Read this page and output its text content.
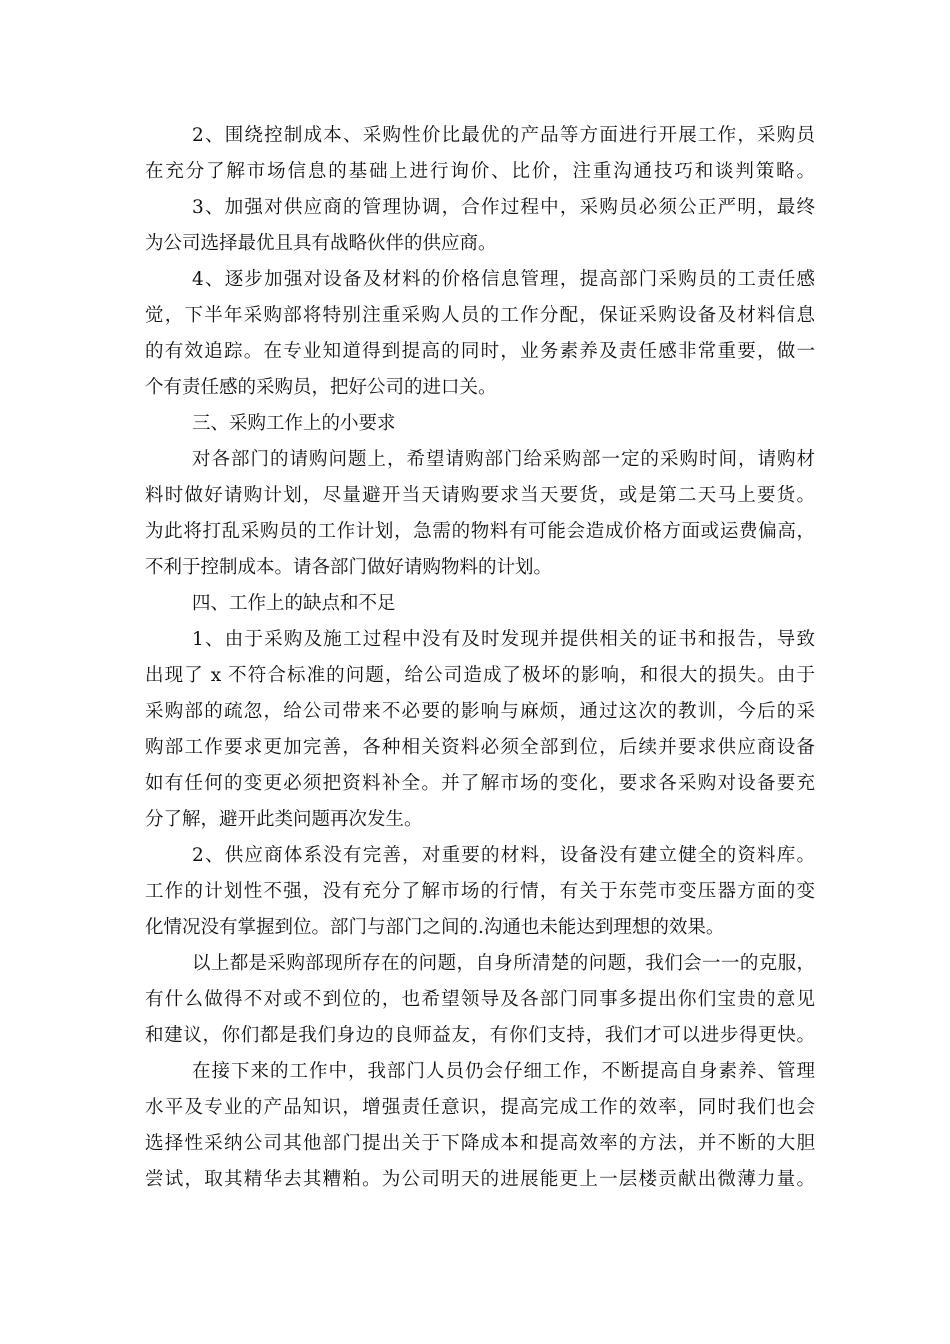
2、围绕控制成本、采购性价比最优的产品等方面进行开展工作，采购员
在充分了解市场信息的基础上进行询价、比价，注重沟通技巧和谈判策略。
3、加强对供应商的管理协调，合作过程中，采购员必须公正严明，最终
为公司选择最优且具有战略伙伴的供应商。
4、逐步加强对设备及材料的价格信息管理，提高部门采购员的工责任感
觉，下半年采购部将特别注重采购人员的工作分配，保证采购设备及材料信息
的有效追踪。在专业知道得到提高的同时，业务素养及责任感非常重要，做一
个有责任感的采购员，把好公司的进口关。
三、采购工作上的小要求
对各部门的请购问题上，希望请购部门给采购部一定的采购时间，请购材
料时做好请购计划，尽量避开当天请购要求当天要货，或是第二天马上要货。
为此将打乱采购员的工作计划，急需的物料有可能会造成价格方面或运费偏高，
不利于控制成本。请各部门做好请购物料的计划。
四、工作上的缺点和不足
1、由于采购及施工过程中没有及时发现并提供相关的证书和报告，导致
出现了 x 不符合标准的问题，给公司造成了极坏的影响，和很大的损失。由于
采购部的疏忽，给公司带来不必要的影响与麻烦，通过这次的教训，今后的采
购部工作要求更加完善，各种相关资料必须全部到位，后续并要求供应商设备
如有任何的变更必须把资料补全。并了解市场的变化，要求各采购对设备要充
分了解，避开此类问题再次发生。
2、供应商体系没有完善，对重要的材料，设备没有建立健全的资料库。
工作的计划性不强，没有充分了解市场的行情，有关于东莞市变压器方面的变
化情况没有掌握到位。部门与部门之间的.沟通也未能达到理想的效果。
以上都是采购部现所存在的问题，自身所清楚的问题，我们会一一的克服，
有什么做得不对或不到位的，也希望领导及各部门同事多提出你们宝贵的意见
和建议，你们都是我们身边的良师益友，有你们支持，我们才可以进步得更快。
在接下来的工作中，我部门人员仍会仔细工作，不断提高自身素养、管理
水平及专业的产品知识，增强责任意识，提高完成工作的效率，同时我们也会
选择性采纳公司其他部门提出关于下降成本和提高效率的方法，并不断的大胆
尝试，取其精华去其糟粕。为公司明天的进展能更上一层楼贡献出微薄力量。
